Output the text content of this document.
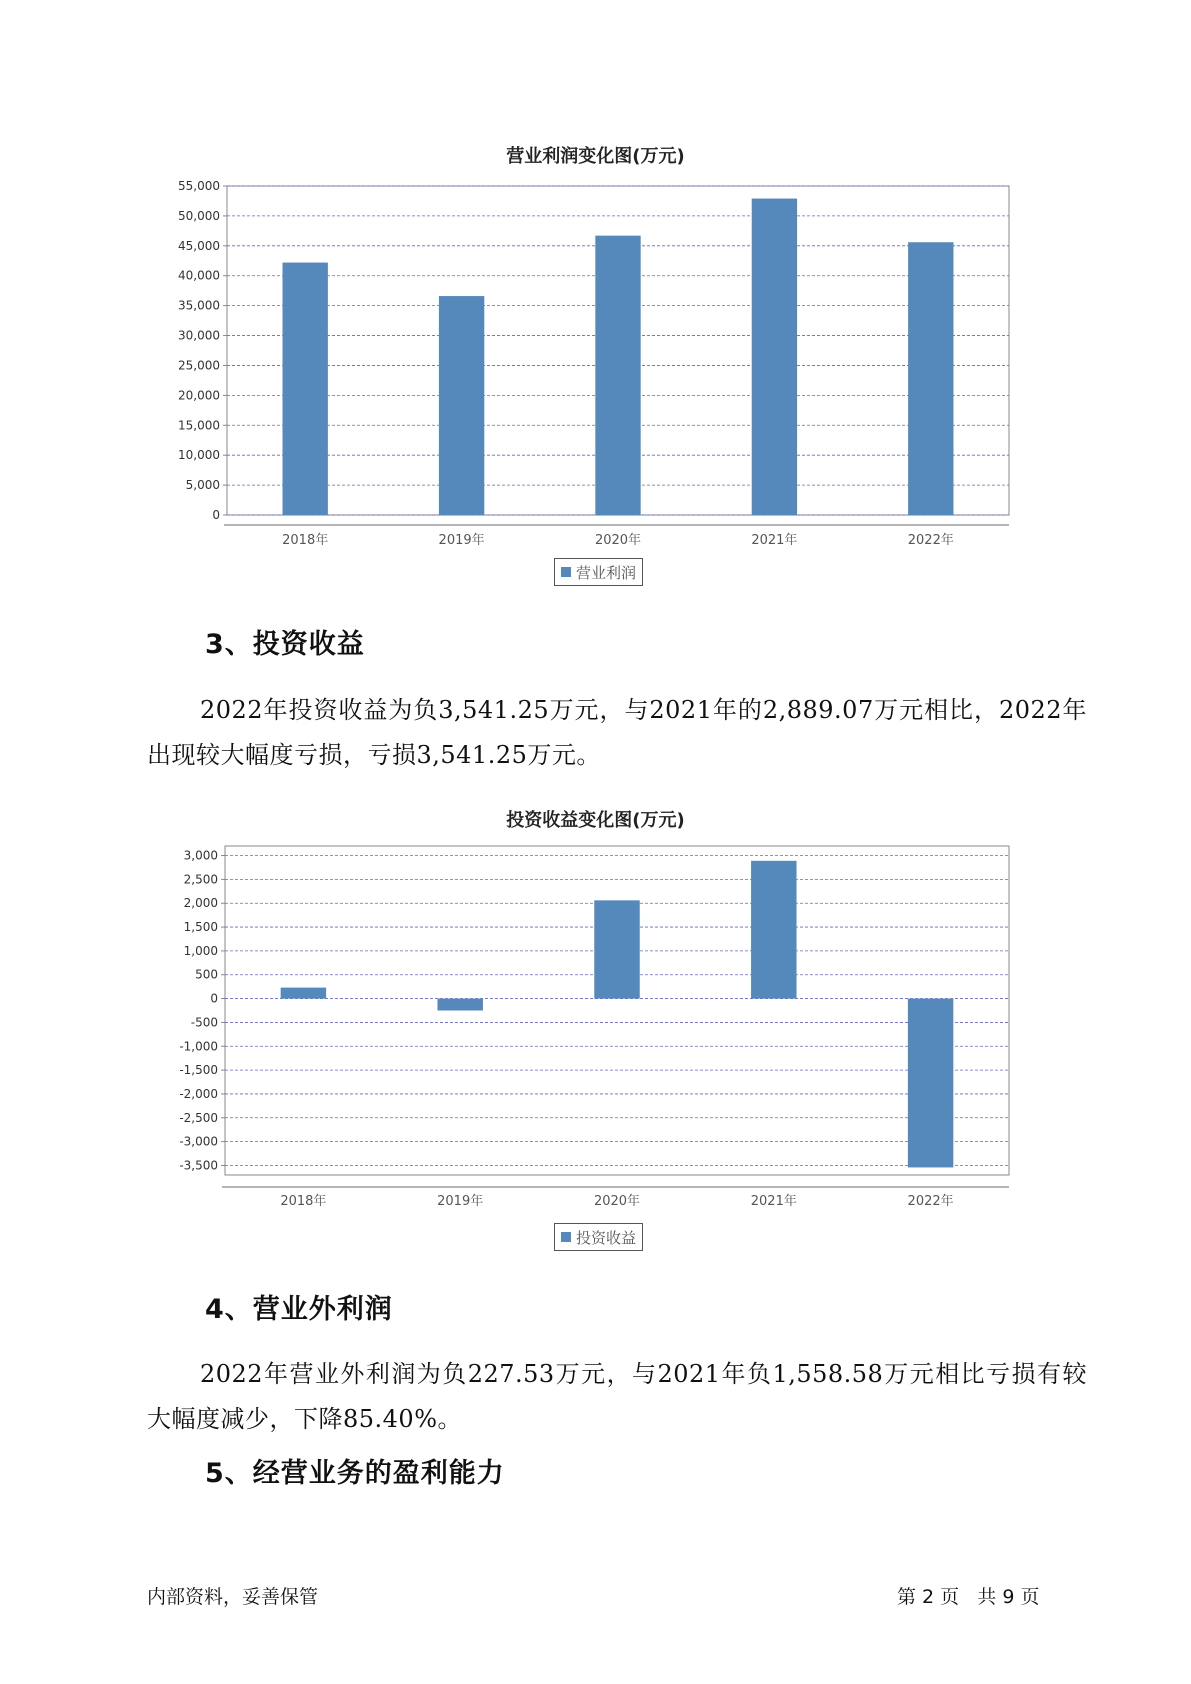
营业利润变化图(万元)
0
5,000
10,000
15,000
20,000
25,000
30,000
35,000
40,000
45,000
50,000
55,000
2018年	2019年	2020年	2021年	2022年
营业利润
3、投资收益
2022年投资收益为负3,541.25万元，与2021年的2,889.07万元相比，2022年出现较大幅度亏损，亏损3,541.25万元。
投资收益变化图(万元)
-3,500
-3,000
-2,500
-2,000
-1,500
-1,000
-500
0
500
1,000
1,500
2,000
2,500
3,000
2018年	2019年	2020年	2021年	2022年
投资收益
4、营业外利润
2022年营业外利润为负227.53万元，与2021年负1,558.58万元相比亏损有较大幅度减少，下降85.40%。
5、经营业务的盈利能力
内部资料，妥善保管	第 2 页   共 9 页
